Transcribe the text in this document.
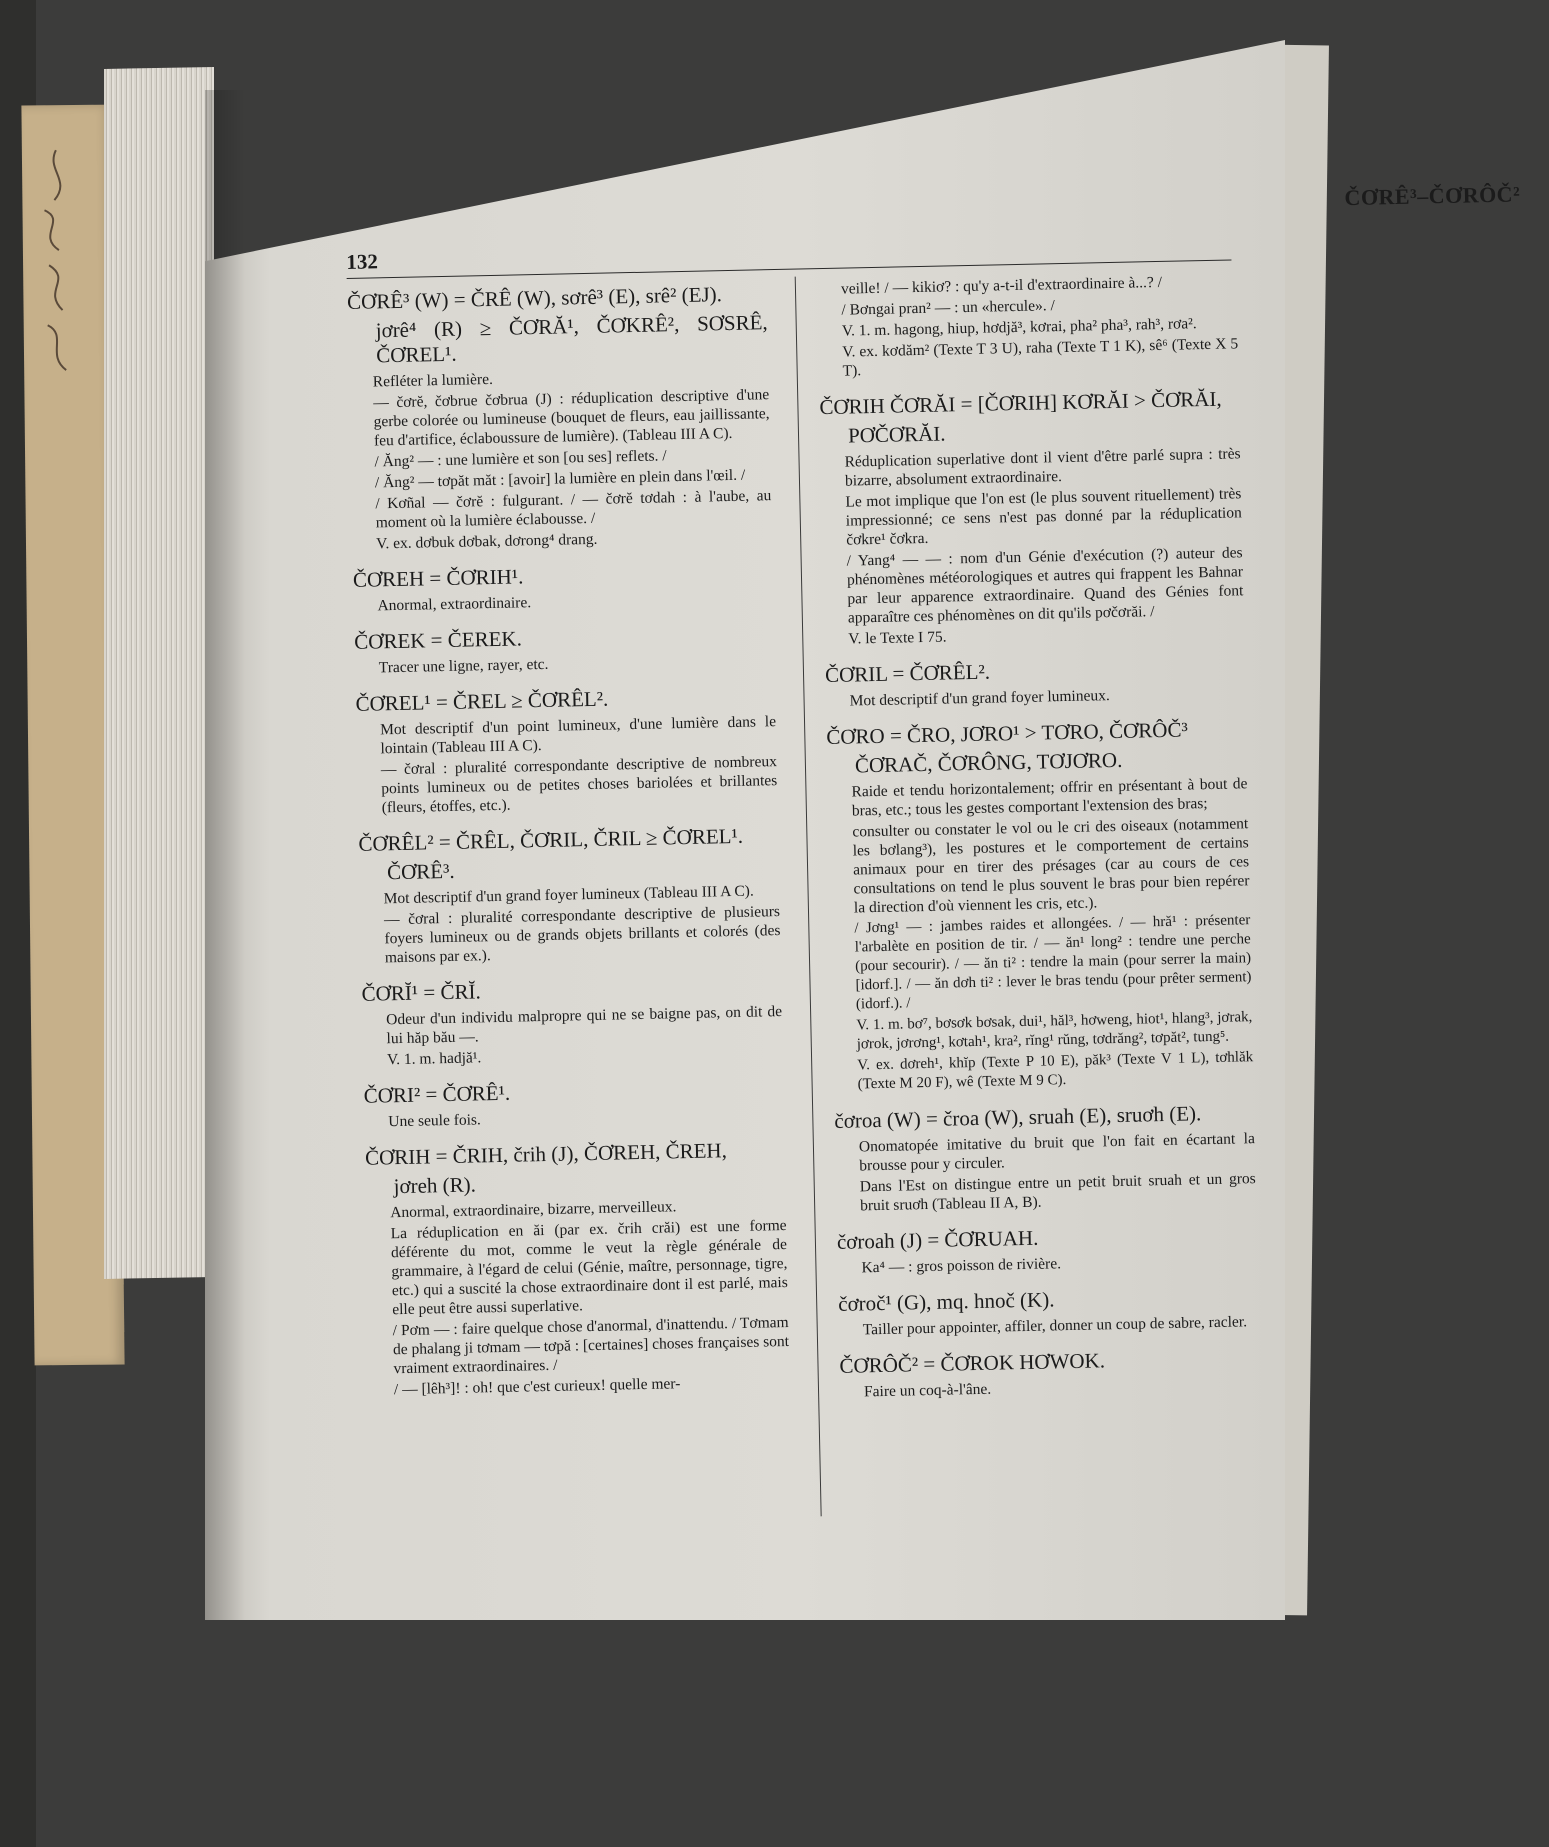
ČƠRÊ³–ČƠRÔČ²
132
ČƠRÊ³ (W) = ČRÊ (W), sơrê³ (E), srê² (EJ).
jơrê⁴ (R) ≥ ČƠRĂ¹, ČƠKRÊ², SƠSRÊ, ČƠREL¹.
Refléter la lumière.
— čơrĕ, čơbrue čơbrua (J) : réduplication descriptive d'une gerbe colorée ou lumineuse (bouquet de fleurs, eau jaillissante, feu d'artifice, éclaboussure de lumière). (Tableau III A C).
/ Ăng² — : une lumière et son [ou ses] reflets. /
/ Ăng² — tơpăt măt : [avoir] la lumière en plein dans l'œil. /
/ Kơñal — čơrĕ : fulgurant. / — čơrĕ tơdah : à l'aube, au moment où la lumière éclabousse. /
V. ex. dơbuk dơbak, dơrong⁴ drang.
ČƠREH = ČƠRIH¹.
Anormal, extraordinaire.
ČƠREK = ČEREK.
Tracer une ligne, rayer, etc.
ČƠREL¹ = ČREL ≥ ČƠRÊL².
Mot descriptif d'un point lumineux, d'une lumière dans le lointain (Tableau III A C).
— čơral : pluralité correspondante descriptive de nombreux points lumineux ou de petites choses bariolées et brillantes (fleurs, étoffes, etc.).
ČƠRÊL² = ČRÊL, ČƠRIL, ČRIL ≥ ČƠREL¹.
ČƠRÊ³.
Mot descriptif d'un grand foyer lumineux (Tableau III A C).
— čơral : pluralité correspondante descriptive de plusieurs foyers lumineux ou de grands objets brillants et colorés (des maisons par ex.).
ČƠRĬ¹ = ČRĬ.
Odeur d'un individu malpropre qui ne se baigne pas, on dit de lui hăp bău —.
V. 1. m. hadjă¹.
ČƠRI² = ČƠRÊ¹.
Une seule fois.
ČƠRIH = ČRIH, črih (J), ČƠREH, ČREH,
jơreh (R).
Anormal, extraordinaire, bizarre, merveilleux.
La réduplication en ăi (par ex. črih crăi) est une forme déférente du mot, comme le veut la règle générale de grammaire, à l'égard de celui (Génie, maître, personnage, tigre, etc.) qui a suscité la chose extraordinaire dont il est parlé, mais elle peut être aussi superlative.
/ Pơm — : faire quelque chose d'anormal, d'inattendu. / Tơmam de phalang ji tơmam — tơpă : [certaines] choses françaises sont vraiment extraordinaires. /
/ — [lêh³]! : oh! que c'est curieux! quelle mer-
veille! / — kikiơ? : qu'y a-t-il d'extraordinaire à...? /
/ Bơngai pran² — : un «hercule». /
V. 1. m. hagong, hiup, hơdjă³, kơrai, pha² pha³, rah³, rơa².
V. ex. kơdăm² (Texte T 3 U), raha (Texte T 1 K), sê⁶ (Texte X 5 T).
ČƠRIH ČƠRĂI = [ČƠRIH] KƠRĂI > ČƠRĂI,
PƠČƠRĂI.
Réduplication superlative dont il vient d'être parlé supra : très bizarre, absolument extraordinaire.
Le mot implique que l'on est (le plus souvent rituellement) très impressionné; ce sens n'est pas donné par la réduplication čơkre¹ čơkra.
/ Yang⁴ — — : nom d'un Génie d'exécution (?) auteur des phénomènes météorologiques et autres qui frappent les Bahnar par leur apparence extraordinaire. Quand des Génies font apparaître ces phénomènes on dit qu'ils pơčơrăi. /
V. le Texte I 75.
ČƠRIL = ČƠRÊL².
Mot descriptif d'un grand foyer lumineux.
ČƠRO = ČRO, JƠRO¹ > TƠRO, ČƠRÔČ³
ČƠRAČ, ČƠRÔNG, TƠJƠRO.
Raide et tendu horizontalement; offrir en présentant à bout de bras, etc.; tous les gestes comportant l'extension des bras;
consulter ou constater le vol ou le cri des oiseaux (notamment les bơlang³), les postures et le comportement de certains animaux pour en tirer des présages (car au cours de ces consultations on tend le plus souvent le bras pour bien repérer la direction d'où viennent les cris, etc.).
/ Jơng¹ — : jambes raides et allongées. / — hră¹ : présenter l'arbalète en position de tir. / — ăn¹ long² : tendre une perche (pour secourir). / — ăn ti² : tendre la main (pour serrer la main) [idorf.]. / — ăn dơh ti² : lever le bras tendu (pour prêter serment) (idorf.). /
V. 1. m. bơ⁷, bơsơk bơsak, dui¹, hăl³, hơweng, hiot¹, hlang³, jơrak, jơrok, jơrơng¹, kơtah¹, kra², rĭng¹ rŭng, tơdrăng², tơpăt², tung⁵.
V. ex. dơreh¹, khĭp (Texte P 10 E), păk³ (Texte V 1 L), tơhlăk (Texte M 20 F), wê (Texte M 9 C).
čơroa (W) = čroa (W), sruah (E), sruơh (E).
Onomatopée imitative du bruit que l'on fait en écartant la brousse pour y circuler.
Dans l'Est on distingue entre un petit bruit sruah et un gros bruit sruơh (Tableau II A, B).
čơroah (J) = ČƠRUAH.
Ka⁴ — : gros poisson de rivière.
čơroč¹ (G), mq. hnoč (K).
Tailler pour appointer, affiler, donner un coup de sabre, racler.
ČƠRÔČ² = ČƠROK HƠWOK.
Faire un coq-à-l'âne.
